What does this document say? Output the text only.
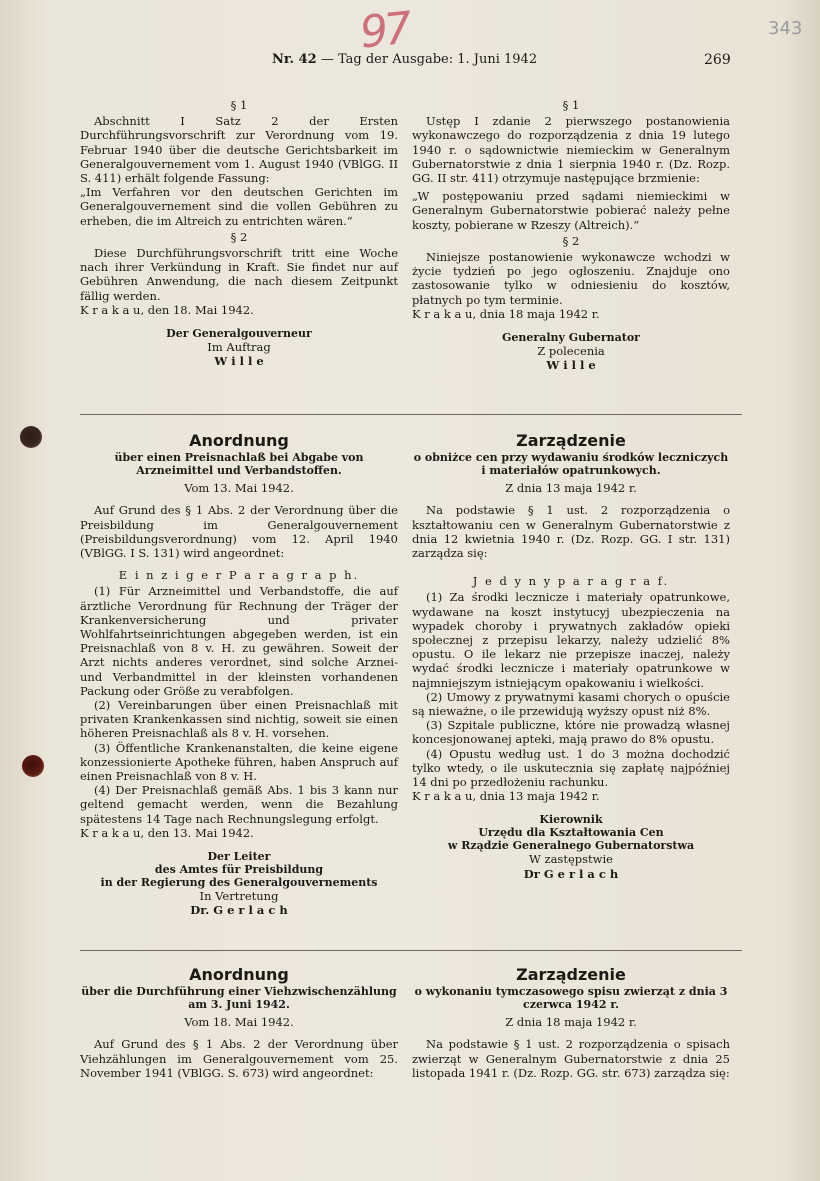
97	343
Nr. 42 — Tag der Ausgabe: 1. Juni 1942	269
§ 1

Abschnitt I Satz 2 der Ersten Durchführungsvorschrift zur Verordnung vom 19. Februar 1940 über die deutsche Gerichtsbarkeit im Generalgouvernement vom 1. August 1940 (VBlGG. II S. 411) erhält folgende Fassung:

„Im Verfahren vor den deutschen Gerichten im Generalgouvernement sind die vollen Gebühren zu erheben, die im Altreich zu entrichten wären.“

§ 2

Diese Durchführungsvorschrift tritt eine Woche nach ihrer Verkündung in Kraft. Sie findet nur auf Gebühren Anwendung, die nach diesem Zeitpunkt fällig werden.

K r a k a u, den 18. Mai 1942.

Der Generalgouverneur
Im Auftrag
W i l l e
§ 1

Ustęp I zdanie 2 pierwszego postanowienia wykonawczego do rozporządzenia z dnia 19 lutego 1940 r. o sądownictwie niemieckim w Generalnym Gubernatorstwie z dnia 1 sierpnia 1940 r. (Dz. Rozp. GG. II str. 411) otrzymuje następujące brzmienie:

„W postępowaniu przed sądami niemieckimi w Generalnym Gubernatorstwie pobierać należy pełne koszty, pobierane w Rzeszy (Altreich).“

§ 2

Niniejsze postanowienie wykonawcze wchodzi w życie tydzień po jego ogłoszeniu. Znajduje ono zastosowanie tylko w odniesieniu do kosztów, płatnych po tym terminie.

K r a k a u, dnia 18 maja 1942 r.

Generalny Gubernator
Z polecenia
W i l l e
Anordnung
über einen Preisnachlaß bei Abgabe von Arzneimittel und Verbandstoffen.
Vom 13. Mai 1942.

Auf Grund des § 1 Abs. 2 der Verordnung über die Preisbildung im Generalgouvernement (Preisbildungsverordnung) vom 12. April 1940 (VBlGG. I S. 131) wird angeordnet:

E i n z i g e r P a r a g r a p h.

(1) Für Arzneimittel und Verbandstoffe, die auf ärztliche Verordnung für Rechnung der Träger der Krankenversicherung und privater Wohlfahrtseinrichtungen abgegeben werden, ist ein Preisnachlaß von 8 v. H. zu gewähren. Soweit der Arzt nichts anderes verordnet, sind solche Arznei- und Verbandmittel in der kleinsten vorhandenen Packung oder Größe zu verabfolgen.

(2) Vereinbarungen über einen Preisnachlaß mit privaten Krankenkassen sind nichtig, soweit sie einen höheren Preisnachlaß als 8 v. H. vorsehen.

(3) Öffentliche Krankenanstalten, die keine eigene konzessionierte Apotheke führen, haben Anspruch auf einen Preisnachlaß von 8 v. H.

(4) Der Preisnachlaß gemäß Abs. 1 bis 3 kann nur geltend gemacht werden, wenn die Bezahlung spätestens 14 Tage nach Rechnungslegung erfolgt.

K r a k a u, den 13. Mai 1942.

Der Leiter
des Amtes für Preisbildung
in der Regierung des Generalgouvernements
In Vertretung
Dr. G e r l a c h
Zarządzenie
o obniżce cen przy wydawaniu środków leczniczych i materiałów opatrunkowych.
Z dnia 13 maja 1942 r.

Na podstawie § 1 ust. 2 rozporządzenia o kształtowaniu cen w Generalnym Gubernatorstwie z dnia 12 kwietnia 1940 r. (Dz. Rozp. GG. I str. 131) zarządza się:

J e d y n y p a r a g r a f.

(1) Za środki lecznicze i materiały opatrunkowe, wydawane na koszt instytucyj ubezpieczenia na wypadek choroby i prywatnych zakładów opieki społecznej z przepisu lekarzy, należy udzielić 8% opustu. O ile lekarz nie przepisze inaczej, należy wydać środki lecznicze i materiały opatrunkowe w najmniejszym istniejącym opakowaniu i wielkości.

(2) Umowy z prywatnymi kasami chorych o opuście są nieważne, o ile przewidują wyższy opust niż 8%.

(3) Szpitale publiczne, które nie prowadzą własnej koncesjonowanej apteki, mają prawo do 8% opustu.

(4) Opustu według ust. 1 do 3 można dochodzić tylko wtedy, o ile uskutecznia się zapłatę najpóźniej 14 dni po przedłożeniu rachunku.

K r a k a u, dnia 13 maja 1942 r.

Kierownik
Urzędu dla Kształtowania Cen
w Rządzie Generalnego Gubernatorstwa
W zastępstwie
Dr G e r l a c h
Anordnung
über die Durchführung einer Viehzwischenzählung am 3. Juni 1942.
Vom 18. Mai 1942.

Auf Grund des § 1 Abs. 2 der Verordnung über Viehzählungen im Generalgouvernement vom 25. November 1941 (VBlGG. S. 673) wird angeordnet:

Zarządzenie
o wykonaniu tymczasowego spisu zwierząt z dnia 3 czerwca 1942 r.
Z dnia 18 maja 1942 r.

Na podstawie § 1 ust. 2 rozporządzenia o spisach zwierząt w Generalnym Gubernatorstwie z dnia 25 listopada 1941 r. (Dz. Rozp. GG. str. 673) zarządza się:
